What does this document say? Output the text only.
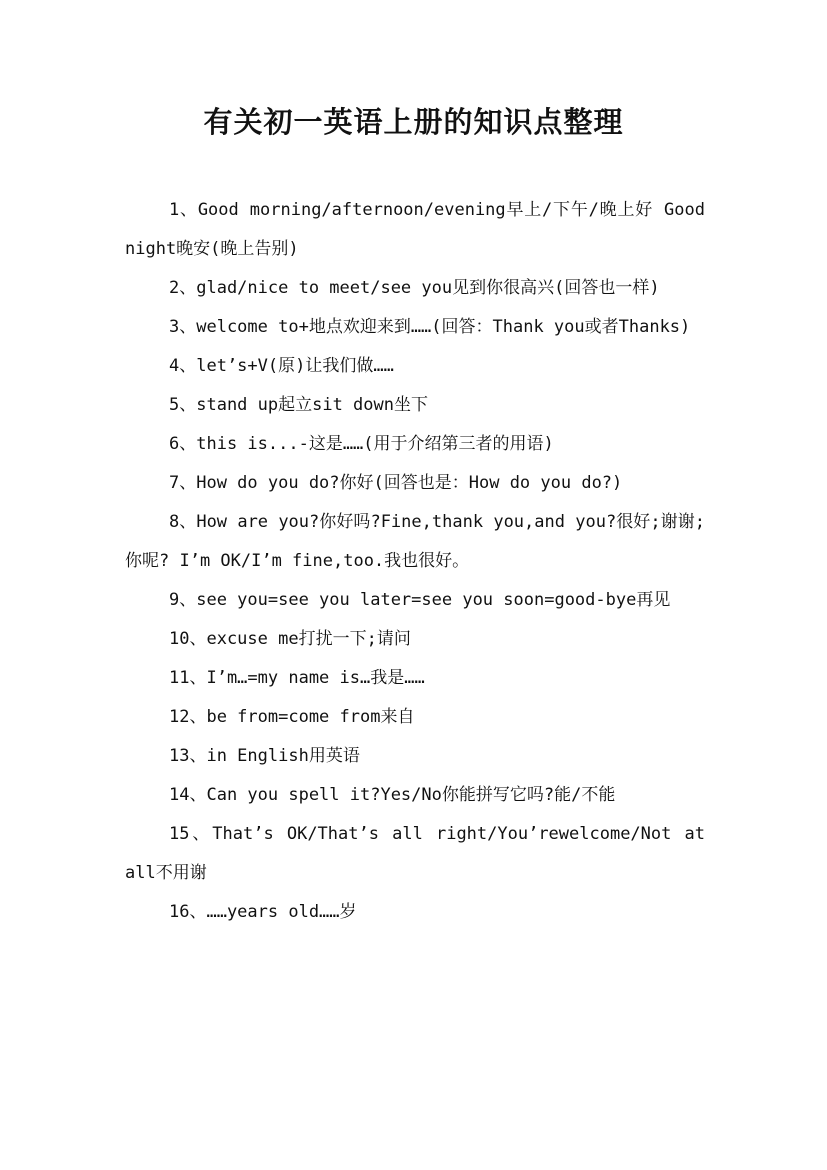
有关初一英语上册的知识点整理

1、Good morning/afternoon/evening早上/下午/晚上好 Good night晚安(晚上告别)

2、glad/nice to meet/see you见到你很高兴(回答也一样)

3、welcome to+地点欢迎来到……(回答：Thank you或者Thanks)

4、let’s+V(原)让我们做……

5、stand up起立sit down坐下

6、this is...-这是……(用于介绍第三者的用语)

7、How do you do?你好(回答也是：How do you do?)

8、How are you?你好吗?Fine,thank you,and you?很好;谢谢;你呢? I’m OK/I’m fine,too.我也很好。

9、see you=see you later=see you soon=good-bye再见

10、excuse me打扰一下;请问

11、I’m…=my name is…我是……

12、be from=come from来自

13、in English用英语

14、Can you spell it?Yes/No你能拼写它吗?能/不能

15、That’s OK/That’s all right/You’rewelcome/Not at all不用谢

16、……years old……岁
